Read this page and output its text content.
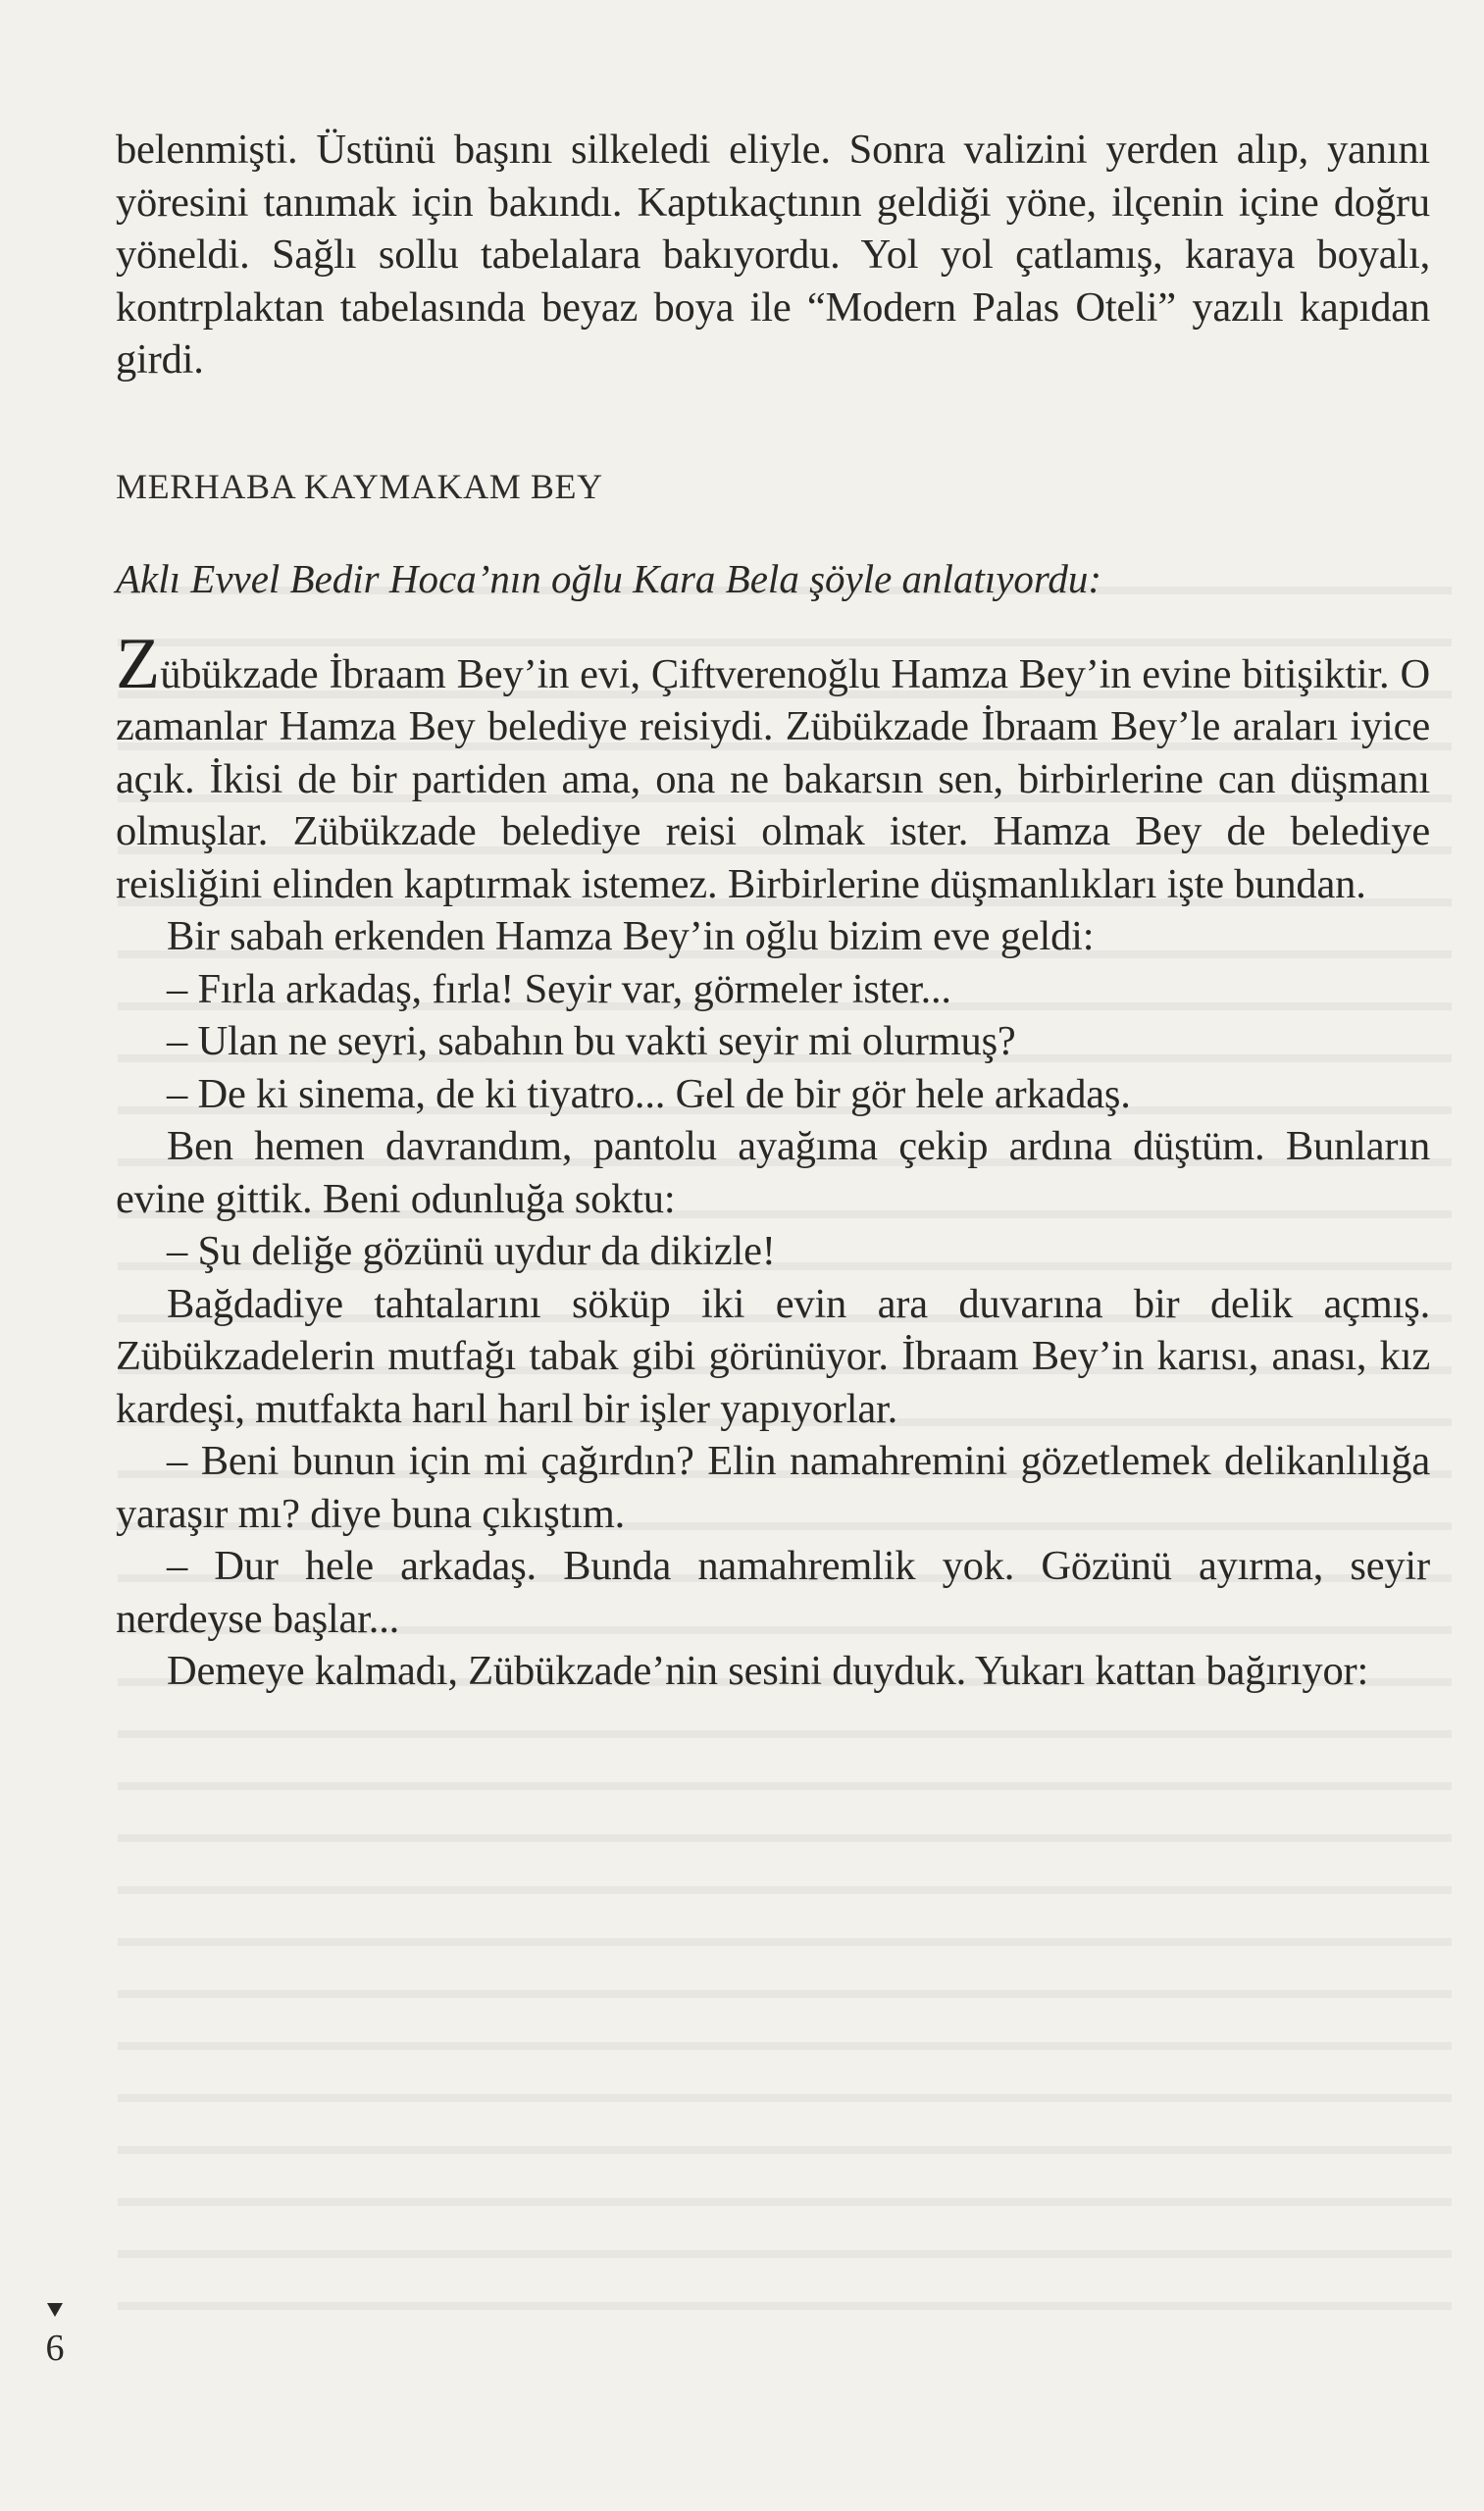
belenmişti. Üstünü başını silkeledi eliyle. Sonra valizini yerden alıp, yanını yöresini tanımak için bakındı. Kaptıkaçtının geldiği yöne, ilçenin içine doğru yöneldi. Sağlı sollu tabelalara bakıyordu. Yol yol çatlamış, karaya boyalı, kontrplaktan tabelasında beyaz boya ile “Modern Palas Oteli” yazılı kapıdan girdi.

MERHABA KAYMAKAM BEY
Aklı Evvel Bedir Hoca’nın oğlu Kara Bela şöyle anlatıyordu:

Zübükzade İbraam Bey’in evi, Çiftverenoğlu Hamza Bey’in evine bitişiktir. O zamanlar Hamza Bey belediye reisiydi. Zübükzade İbraam Bey’le araları iyice açık. İkisi de bir partiden ama, ona ne bakarsın sen, birbirlerine can düşmanı olmuşlar. Zübükzade belediye reisi olmak ister. Hamza Bey de belediye reisliğini elinden kaptırmak istemez. Birbirlerine düşmanlıkları işte bundan.

Bir sabah erkenden Hamza Bey’in oğlu bizim eve geldi:

– Fırla arkadaş, fırla! Seyir var, görmeler ister...

– Ulan ne seyri, sabahın bu vakti seyir mi olurmuş?

– De ki sinema, de ki tiyatro... Gel de bir gör hele arkadaş.

Ben hemen davrandım, pantolu ayağıma çekip ardına düştüm. Bunların evine gittik. Beni odunluğa soktu:

– Şu deliğe gözünü uydur da dikizle!

Bağdadiye tahtalarını söküp iki evin ara duvarına bir delik açmış. Zübükzadelerin mutfağı tabak gibi görünüyor. İbraam Bey’in karısı, anası, kız kardeşi, mutfakta harıl harıl bir işler yapıyorlar.

– Beni bunun için mi çağırdın? Elin namahremini gözetlemek delikanlılığa yaraşır mı? diye buna çıkıştım.

– Dur hele arkadaş. Bunda namahremlik yok. Gözünü ayırma, seyir nerdeyse başlar...

Demeye kalmadı, Zübükzade’nin sesini duyduk. Yukarı kattan bağırıyor:

6
